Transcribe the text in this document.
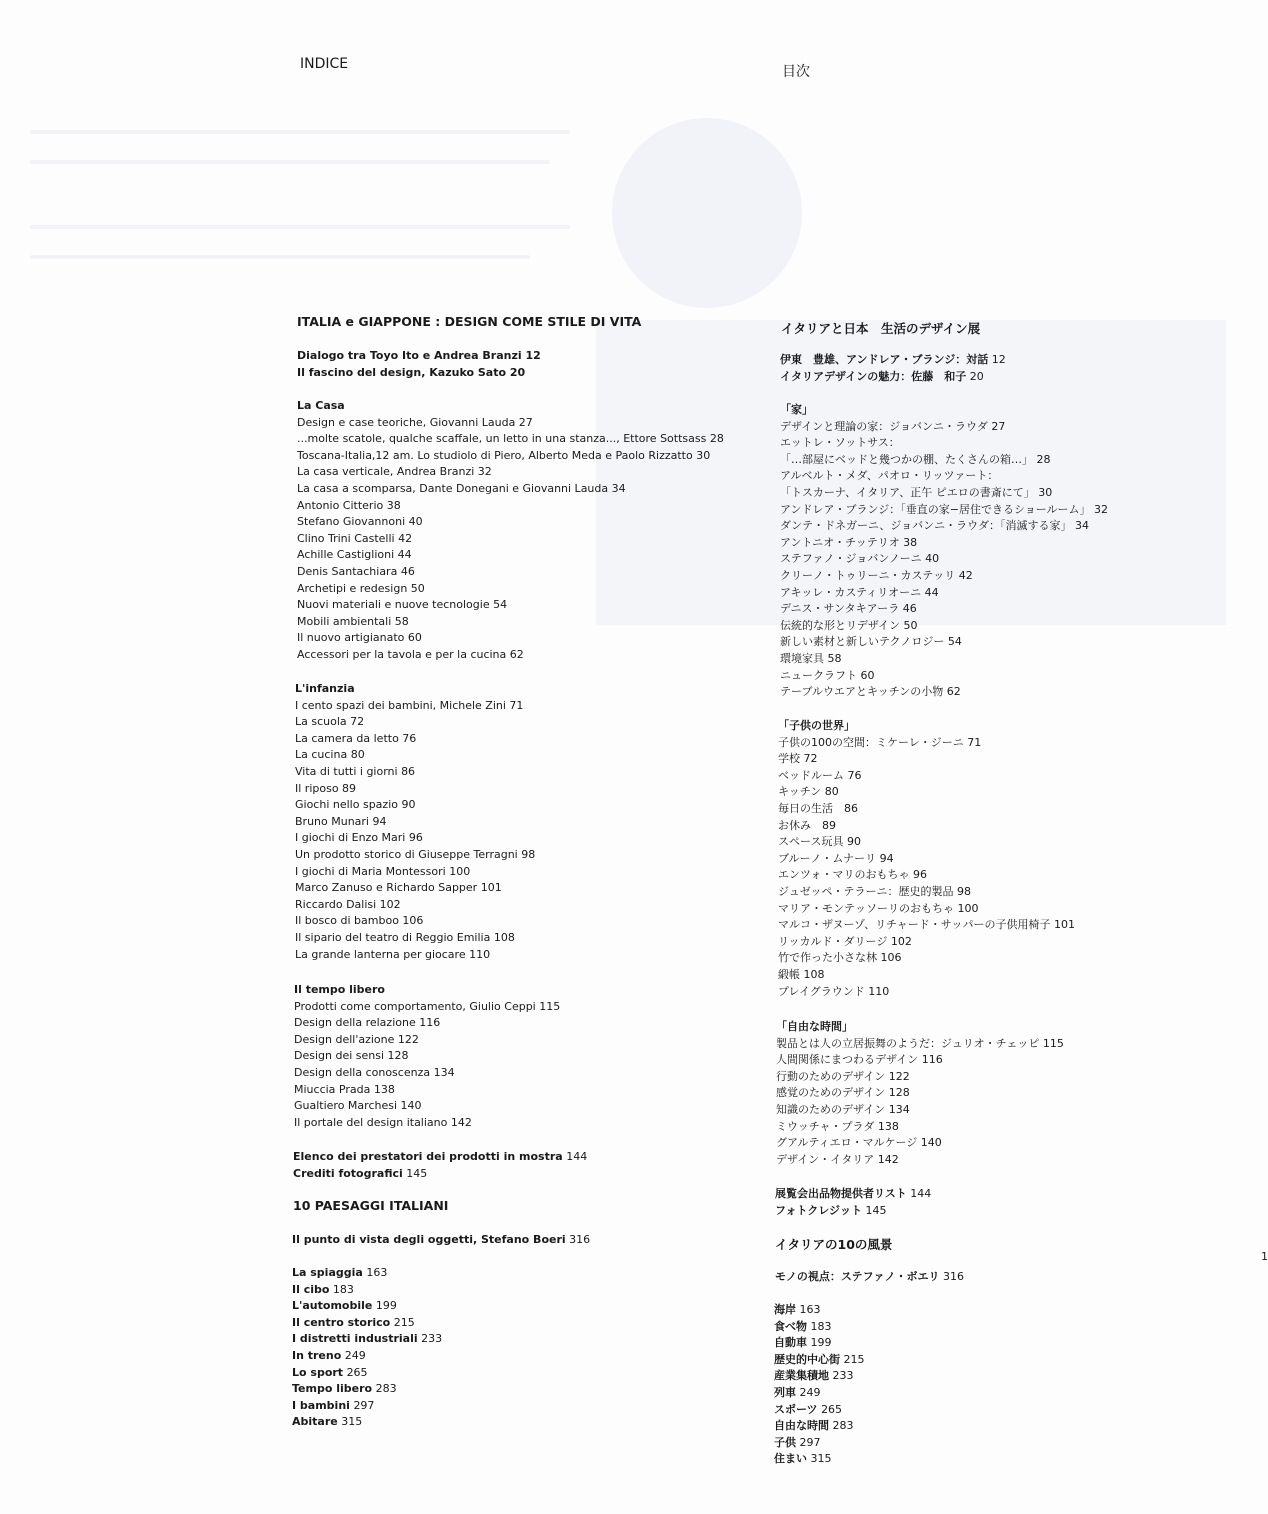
INDICE	目次
ITALIA e GIAPPONE : DESIGN COME STILE DI VITA
Dialogo tra Toyo Ito e Andrea Branzi 12
Il fascino del design, Kazuko Sato 20
La Casa
Design e case teoriche, Giovanni Lauda 27
...molte scatole, qualche scaffale, un letto in una stanza..., Ettore Sottsass 28
Toscana-Italia,12 am. Lo studiolo di Piero, Alberto Meda e Paolo Rizzatto 30
La casa verticale, Andrea Branzi 32
La casa a scomparsa, Dante Donegani e Giovanni Lauda 34
Antonio Citterio 38
Stefano Giovannoni 40
Clino Trini Castelli 42
Achille Castiglioni 44
Denis Santachiara 46
Archetipi e redesign 50
Nuovi materiali e nuove tecnologie 54
Mobili ambientali 58
Il nuovo artigianato 60
Accessori per la tavola e per la cucina 62
L'infanzia
I cento spazi dei bambini, Michele Zini 71
La scuola 72
La camera da letto 76
La cucina 80
Vita di tutti i giorni 86
Il riposo 89
Giochi nello spazio 90
Bruno Munari 94
I giochi di Enzo Mari 96
Un prodotto storico di Giuseppe Terragni 98
I giochi di Maria Montessori 100
Marco Zanuso e Richardo Sapper 101
Riccardo Dalisi 102
Il bosco di bamboo 106
Il sipario del teatro di Reggio Emilia 108
La grande lanterna per giocare 110
Il tempo libero
Prodotti come comportamento, Giulio Ceppi 115
Design della relazione 116
Design dell'azione 122
Design dei sensi 128
Design della conoscenza 134
Miuccia Prada 138
Gualtiero Marchesi 140
Il portale del design italiano 142
Elenco dei prestatori dei prodotti in mostra 144
Crediti fotografici 145
10 PAESAGGI ITALIANI
Il punto di vista degli oggetti, Stefano Boeri 316
La spiaggia 163
Il cibo 183
L'automobile 199
Il centro storico 215
I distretti industriali 233
In treno 249
Lo sport 265
Tempo libero 283
I bambini 297
Abitare 315
イタリアと日本　生活のデザイン展
伊東　豊雄、アンドレア・ブランジ：対話 12
イタリアデザインの魅力：佐藤　和子 20
「家」
デザインと理論の家：ジョバンニ・ラウダ 27
エットレ・ソットサス：
「…部屋にベッドと幾つかの棚、たくさんの箱…」 28
アルベルト・メダ、パオロ・リッツァート：
「トスカーナ、イタリア、正午 ピエロの書斎にて」 30
アンドレア・ブランジ：「垂直の家−居住できるショールーム」 32
ダンテ・ドネガーニ、ジョバンニ・ラウダ：「消滅する家」 34
アントニオ・チッテリオ 38
ステファノ・ジョバンノーニ 40
クリーノ・トゥリーニ・カステッリ 42
アキッレ・カスティリオーニ 44
デニス・サンタキアーラ 46
伝統的な形とリデザイン 50
新しい素材と新しいテクノロジー 54
環境家具 58
ニュークラフト 60
テーブルウエアとキッチンの小物 62
「子供の世界」
子供の100の空間：ミケーレ・ジーニ 71
学校 72
ベッドルーム 76
キッチン 80
毎日の生活　86
お休み　89
スペース玩具 90
ブルーノ・ムナーリ 94
エンツォ・マリのおもちゃ 96
ジュゼッペ・テラーニ：歴史的製品 98
マリア・モンテッソーリのおもちゃ 100
マルコ・ザヌーゾ、リチャード・サッパーの子供用椅子 101
リッカルド・ダリージ 102
竹で作った小さな林 106
緞帳 108
プレイグラウンド 110
「自由な時間」
製品とは人の立居振舞のようだ：ジュリオ・チェッピ 115
人間関係にまつわるデザイン 116
行動のためのデザイン 122
感覚のためのデザイン 128
知識のためのデザイン 134
ミウッチャ・プラダ 138
グアルティエロ・マルケージ 140
デザイン・イタリア 142
展覧会出品物提供者リスト 144
フォトクレジット 145
イタリアの10の風景
モノの視点：ステファノ・ボエリ 316
海岸 163
食べ物 183
自動車 199
歴史的中心街 215
産業集積地 233
列車 249
スポーツ 265
自由な時間 283
子供 297
住まい 315
1
